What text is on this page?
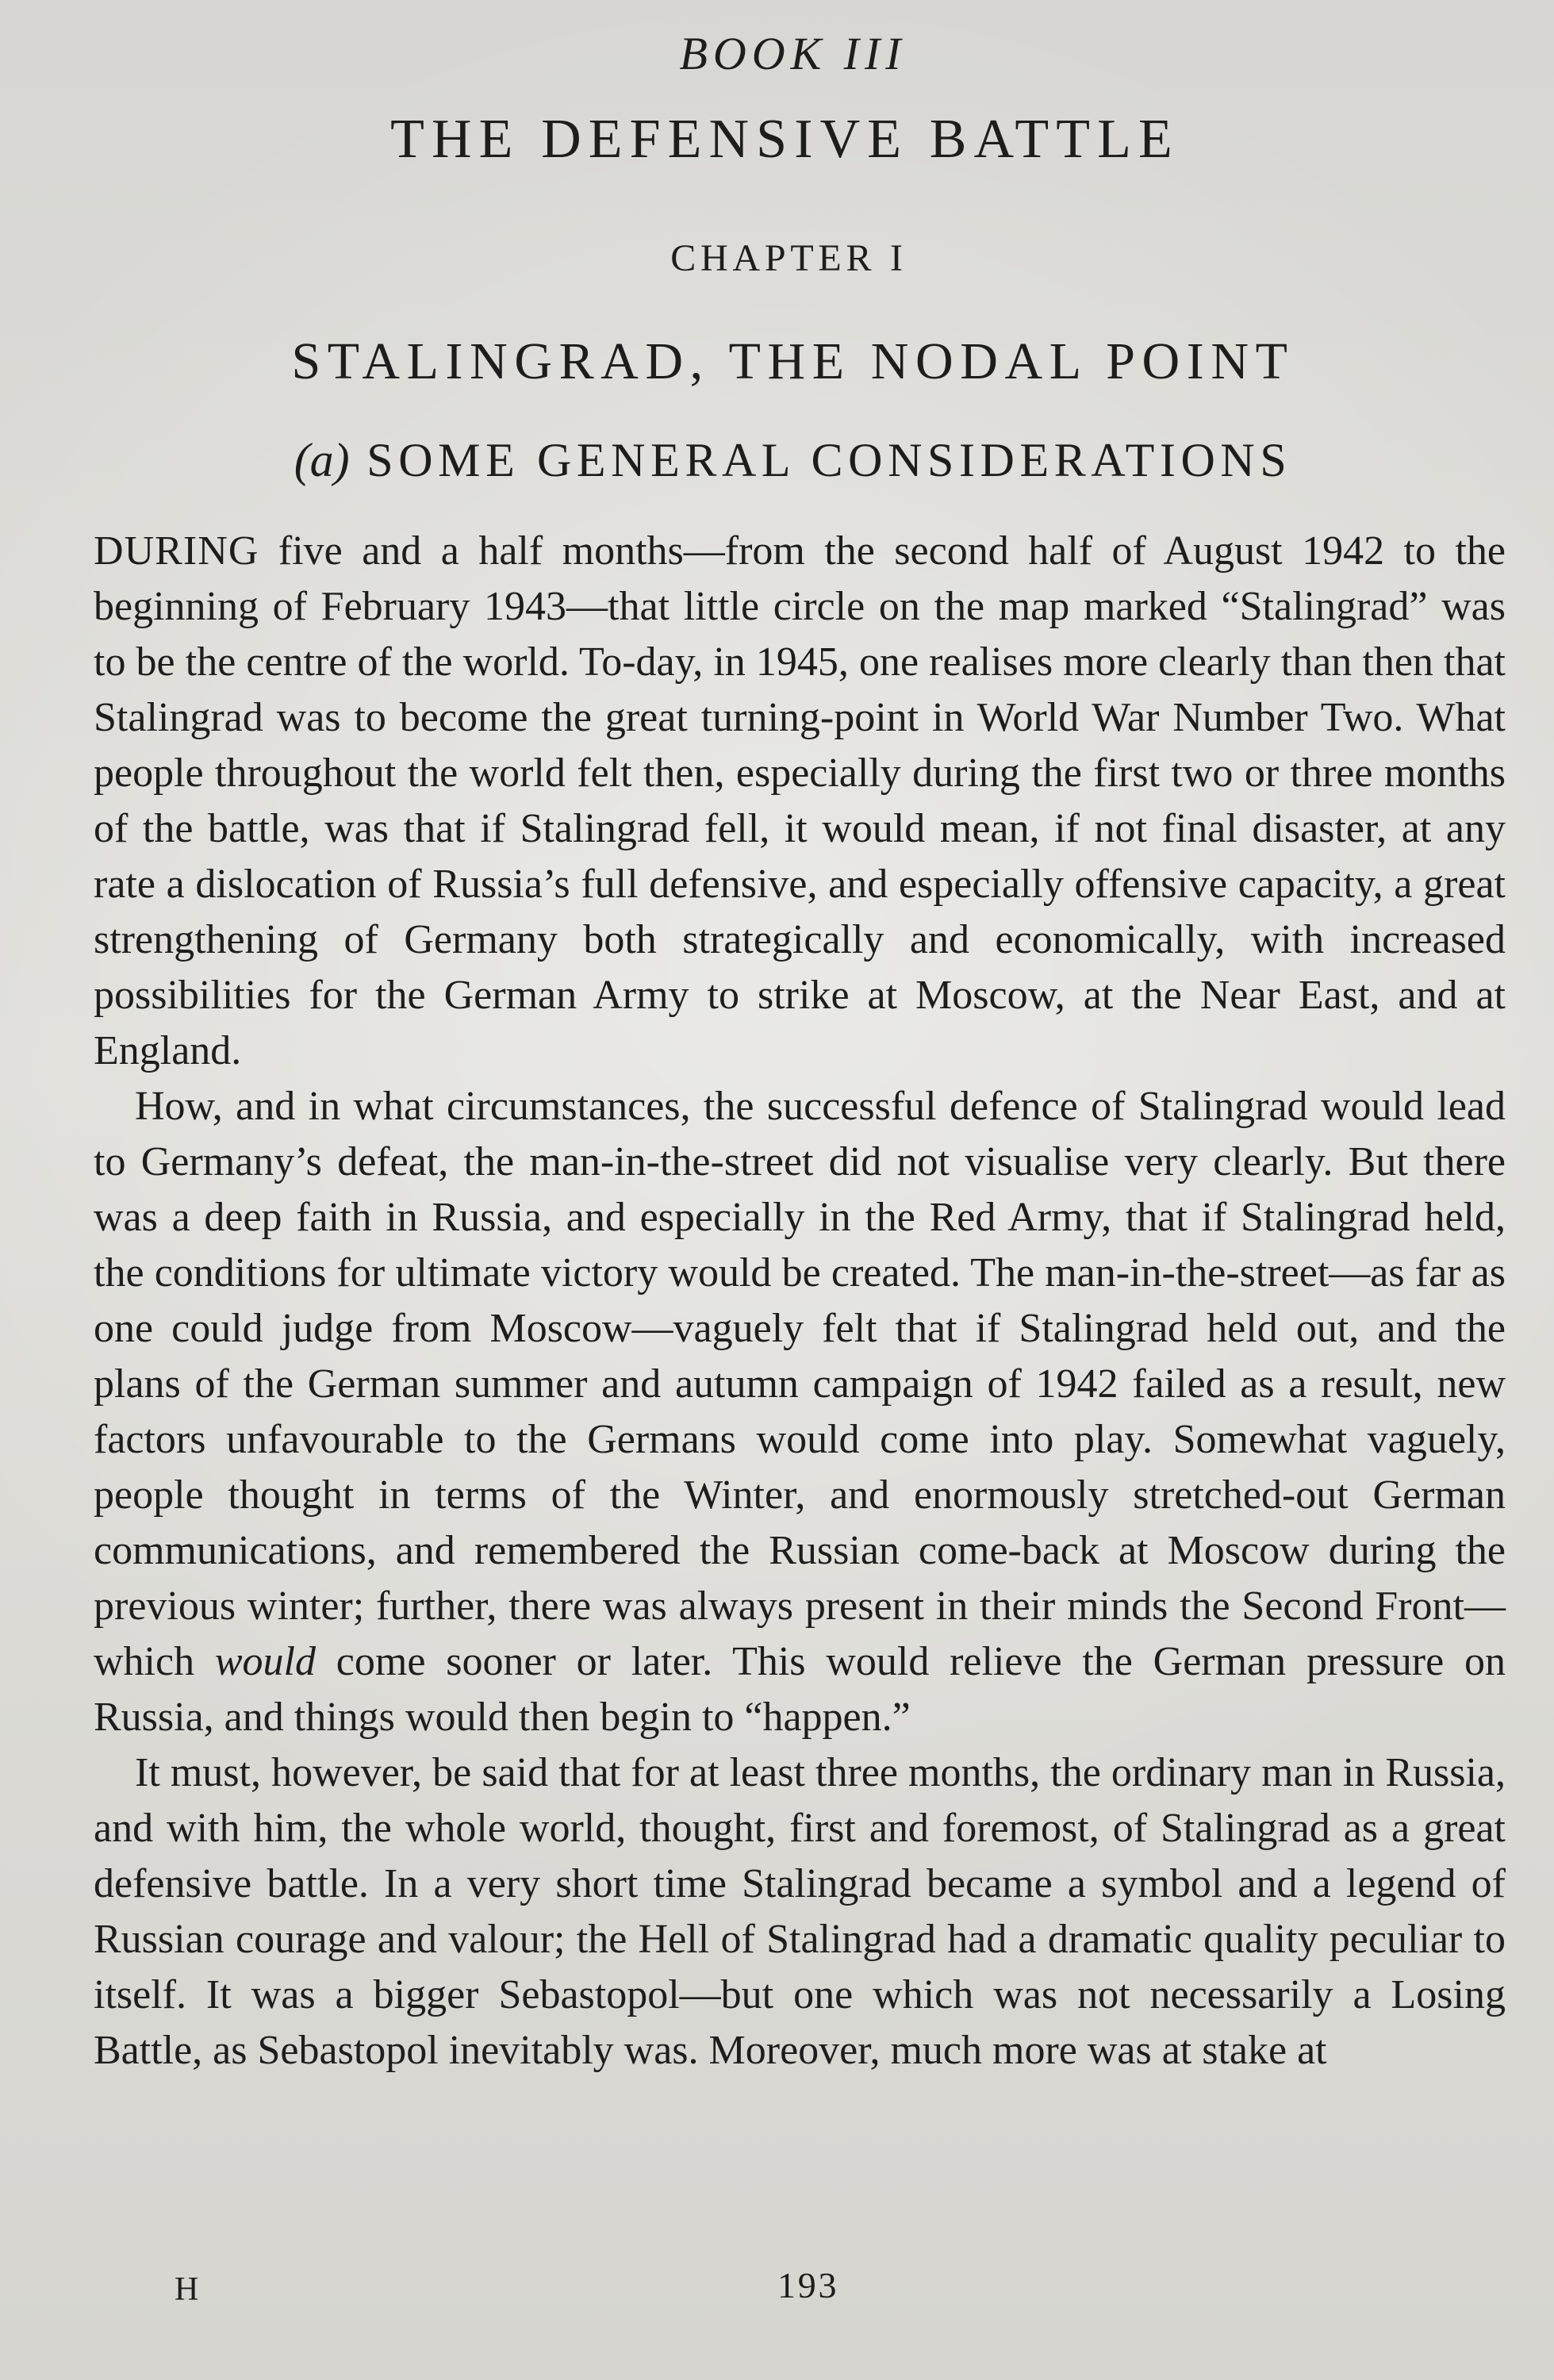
BOOK III
THE DEFENSIVE BATTLE
CHAPTER I
STALINGRAD, THE NODAL POINT
(a) SOME GENERAL CONSIDERATIONS

DURING five and a half months—from the second half of August 1942 to the beginning of February 1943—that little circle on the map marked “Stalingrad” was to be the centre of the world. To-day, in 1945, one realises more clearly than then that Stalingrad was to become the great turning-point in World War Number Two. What people throughout the world felt then, especially during the first two or three months of the battle, was that if Stalingrad fell, it would mean, if not final disaster, at any rate a dislocation of Russia’s full defensive, and especially offensive capacity, a great strengthening of Germany both strategically and economically, with increased possibilities for the German Army to strike at Moscow, at the Near East, and at England.

How, and in what circumstances, the successful defence of Stalingrad would lead to Germany’s defeat, the man-in-the-street did not visualise very clearly. But there was a deep faith in Russia, and especially in the Red Army, that if Stalingrad held, the conditions for ultimate victory would be created. The man-in-the-street—as far as one could judge from Moscow—vaguely felt that if Stalingrad held out, and the plans of the German summer and autumn campaign of 1942 failed as a result, new factors unfavourable to the Germans would come into play. Somewhat vaguely, people thought in terms of the Winter, and enormously stretched-out German communications, and remembered the Russian come-back at Moscow during the previous winter; further, there was always present in their minds the Second Front—which would come sooner or later. This would relieve the German pressure on Russia, and things would then begin to “happen.”

It must, however, be said that for at least three months, the ordinary man in Russia, and with him, the whole world, thought, first and foremost, of Stalingrad as a great defensive battle. In a very short time Stalingrad became a symbol and a legend of Russian courage and valour; the Hell of Stalingrad had a dramatic quality peculiar to itself. It was a bigger Sebastopol—but one which was not necessarily a Losing Battle, as Sebastopol inevitably was. Moreover, much more was at stake at

H	193
